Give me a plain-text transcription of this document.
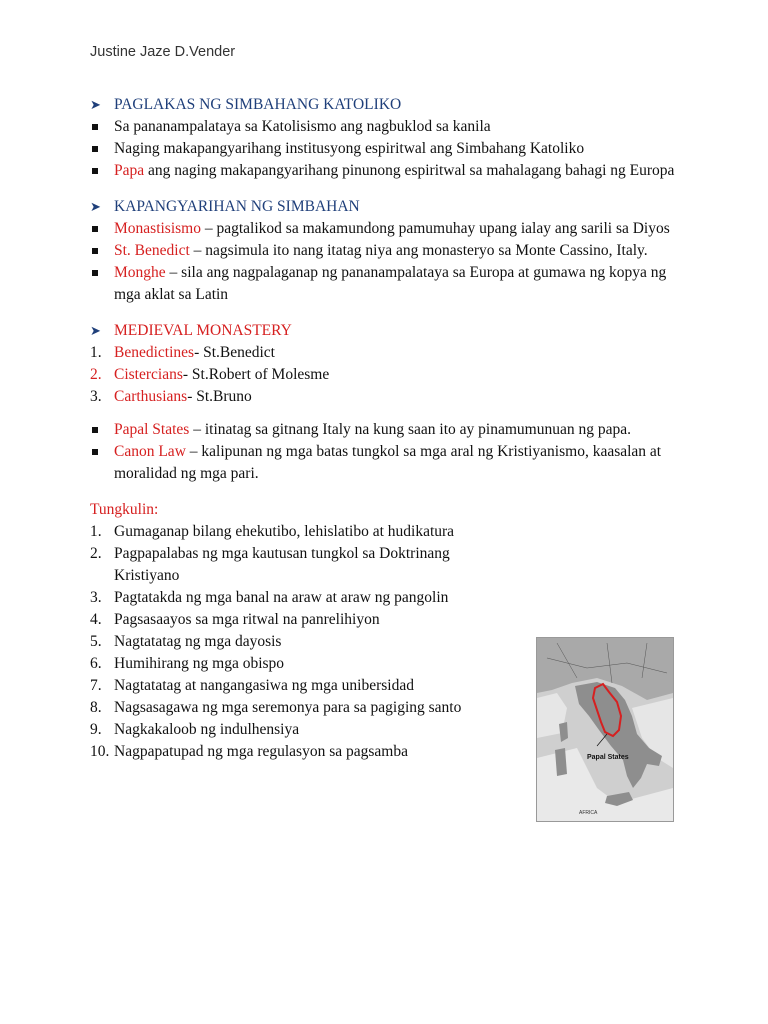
Justine Jaze D.Vender
➤ PAGLAKAS NG SIMBAHANG KATOLIKO
Sa pananampalataya sa Katolisismo ang nagbuklod sa kanila
Naging makapangyarihang institusyong espiritwal ang Simbahang Katoliko
Papa ang naging makapangyarihang pinunong espiritwal sa mahalagang bahagi ng Europa
➤ KAPANGYARIHAN NG SIMBAHAN
Monastisismo – pagtalikod sa makamundong pamumuhay upang ialay ang sarili sa Diyos
St. Benedict – nagsimula ito nang itatag niya ang monasteryo sa Monte Cassino, Italy.
Monghe – sila ang nagpalaganap ng pananampalataya sa Europa at gumawa ng kopya ng mga aklat sa Latin
➤ MEDIEVAL MONASTERY
1. Benedictines- St.Benedict
2. Cistercians- St.Robert of Molesme
3. Carthusians- St.Bruno
Papal States – itinatag sa gitnang Italy na kung saan ito ay pinamumunuan ng papa.
Canon Law – kalipunan ng mga batas tungkol sa mga aral ng Kristiyanismo, kaasalan at moralidad ng mga pari.
Tungkulin:
1. Gumaganap bilang ehekutibo, lehislatibo at hudikatura
2. Pagpapalabas ng mga kautusan tungkol sa Doktrinang Kristiyano
3. Pagtatakda ng mga banal na araw at araw ng pangolin
4. Pagsasaayos sa mga ritwal na panrelihiyon
5. Nagtatatag ng mga dayosis
6. Humihirang ng mga obispo
7. Nagtatatag at nangangasiwa ng mga unibersidad
8. Nagsasagawa ng mga seremonya para sa pagiging santo
9. Nagkakaloob ng indulhensiya
10. Nagpapatupad ng mga regulasyon sa pagsamba	Papal States
AFRICA
